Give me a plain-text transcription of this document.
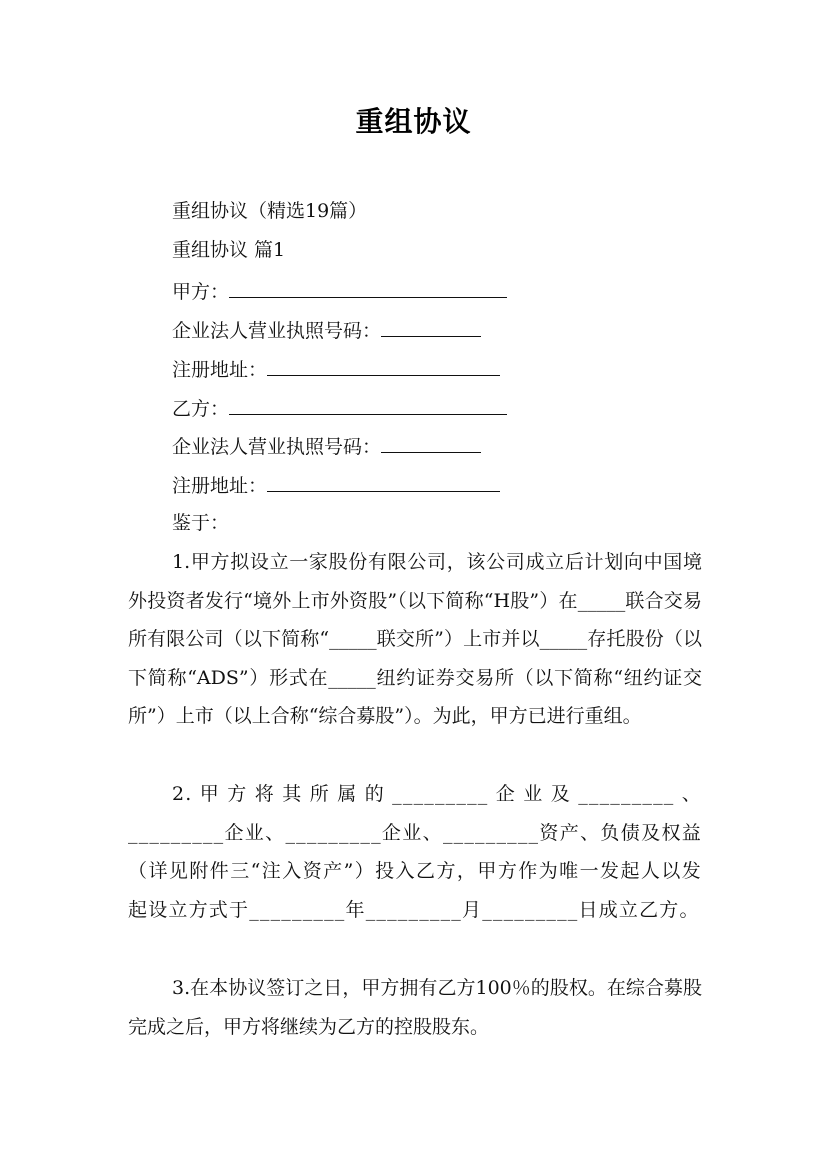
重组协议
重组协议（精选19篇）
重组协议 篇1
甲方：
企业法人营业执照号码：
注册地址：
乙方：
企业法人营业执照号码：
注册地址：
鉴于：
1.甲方拟设立一家股份有限公司，该公司成立后计划向中国境外投资者发行“境外上市外资股”（以下简称“H股”）在_____联合交易所有限公司（以下简称“_____联交所”）上市并以_____存托股份（以下简称“ADS”）形式在_____纽约证券交易所（以下简称“纽约证交所”）上市（以上合称“综合募股”）。为此，甲方已进行重组。
2.甲方将其所属的_________企业及_________、_________企业、_________企业、_________资产、负债及权益（详见附件三“注入资产”）投入乙方，甲方作为唯一发起人以发起设立方式于_________年_________月_________日成立乙方。
3.在本协议签订之日，甲方拥有乙方100％的股权。在综合募股完成之后，甲方将继续为乙方的控股股东。
